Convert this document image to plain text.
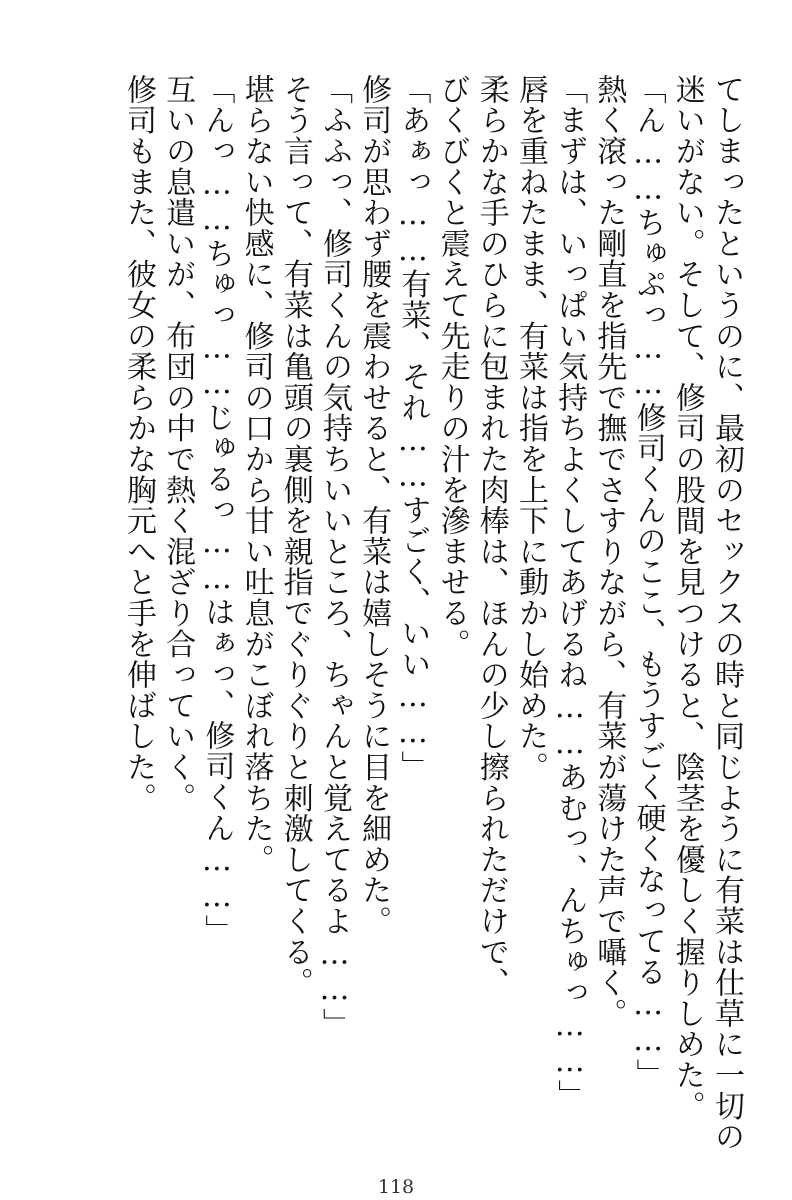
てしまったというのに、最初のセックスの時と同じように有菜は仕草に一切の

迷いがない。そして、修司の股間を見つけると、陰茎を優しく握りしめた。

「ん……ちゅぷっ……修司くんのここ、もうすごく硬くなってる……」

熱く滾った剛直を指先で撫でさすりながら、有菜が蕩けた声で囁く。

「まずは、いっぱい気持ちよくしてあげるね……あむっ、んちゅっ……」

唇を重ねたまま、有菜は指を上下に動かし始めた。

柔らかな手のひらに包まれた肉棒は、ほんの少し擦られただけで、

びくびくと震えて先走りの汁を滲ませる。

「あぁっ……有菜、それ……すごく、いい……」

修司が思わず腰を震わせると、有菜は嬉しそうに目を細めた。

「ふふっ、修司くんの気持ちいいところ、ちゃんと覚えてるよ……」

そう言って、有菜は亀頭の裏側を親指でぐりぐりと刺激してくる。

堪らない快感に、修司の口から甘い吐息がこぼれ落ちた。

「んっ……ちゅっ……じゅるっ……はぁっ、修司くん……」

互いの息遣いが、布団の中で熱く混ざり合っていく。

修司もまた、彼女の柔らかな胸元へと手を伸ばした。

118
